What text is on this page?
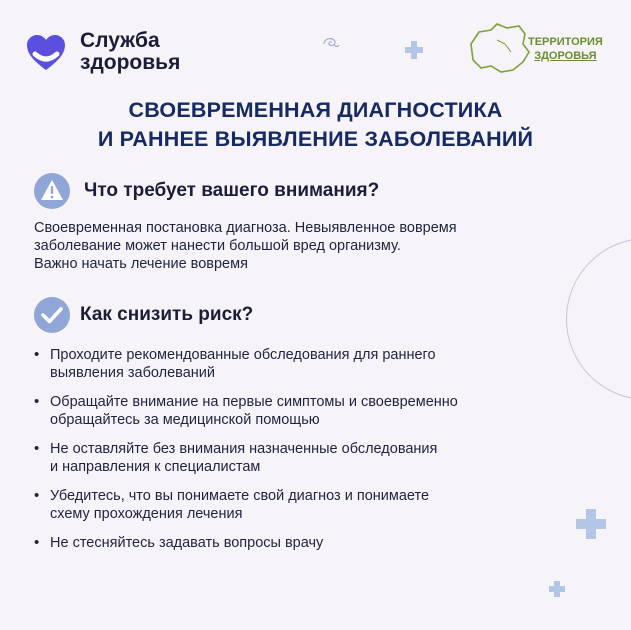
Служба
здоровья
ТЕРРИТОРИЯ
ЗДОРОВЬЯ
СВОЕВРЕМЕННАЯ ДИАГНОСТИКА
И РАННЕЕ ВЫЯВЛЕНИЕ ЗАБОЛЕВАНИЙ
Что требует вашего внимания?
Своевременная постановка диагноза. Невыявленное вовремя
заболевание может нанести большой вред организму.
Важно начать лечение вовремя
Как снизить риск?
• Проходите рекомендованные обследования для раннего
выявления заболеваний
• Обращайте внимание на первые симптомы и своевременно
обращайтесь за медицинской помощью
• Не оставляйте без внимания назначенные обследования
и направления к специалистам
• Убедитесь, что вы понимаете свой диагноз и понимаете
схему прохождения лечения
• Не стесняйтесь задавать вопросы врачу
